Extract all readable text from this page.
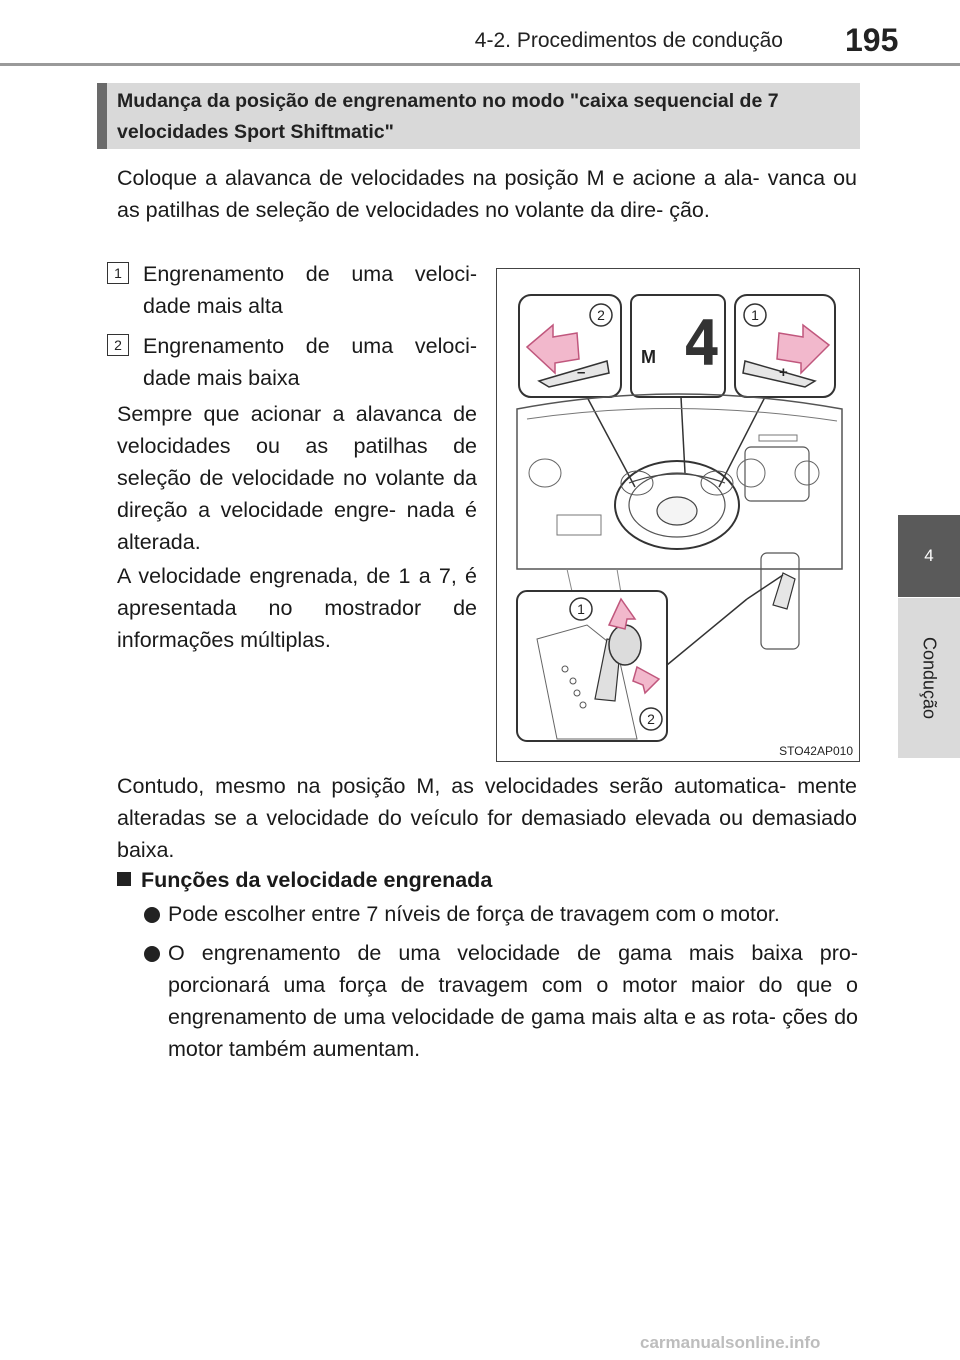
4-2. Procedimentos de condução 195
4
Condução
Mudança da posição de engrenamento no modo "caixa sequencial de 7 velocidades Sport Shiftmatic"
Coloque a alavanca de velocidades na posição M e acione a ala- vanca ou as patilhas de seleção de velocidades no volante da dire- ção.
1 Engrenamento de uma veloci- dade mais alta
2 Engrenamento de uma veloci- dade mais baixa
Sempre que acionar a alavanca de velocidades ou as patilhas de seleção de velocidade no volante da direção a velocidade engre- nada é alterada.
A velocidade engrenada, de 1 a 7, é apresentada no mostrador de informações múltiplas.
2	1
–	+
M 4
1
2
STO42AP010
Contudo, mesmo na posição M, as velocidades serão automatica- mente alteradas se a velocidade do veículo for demasiado elevada ou demasiado baixa.
Funções da velocidade engrenada
Pode escolher entre 7 níveis de força de travagem com o motor.
O engrenamento de uma velocidade de gama mais baixa pro- porcionará uma força de travagem com o motor maior do que o engrenamento de uma velocidade de gama mais alta e as rota- ções do motor também aumentam.
carmanualsonline.info
